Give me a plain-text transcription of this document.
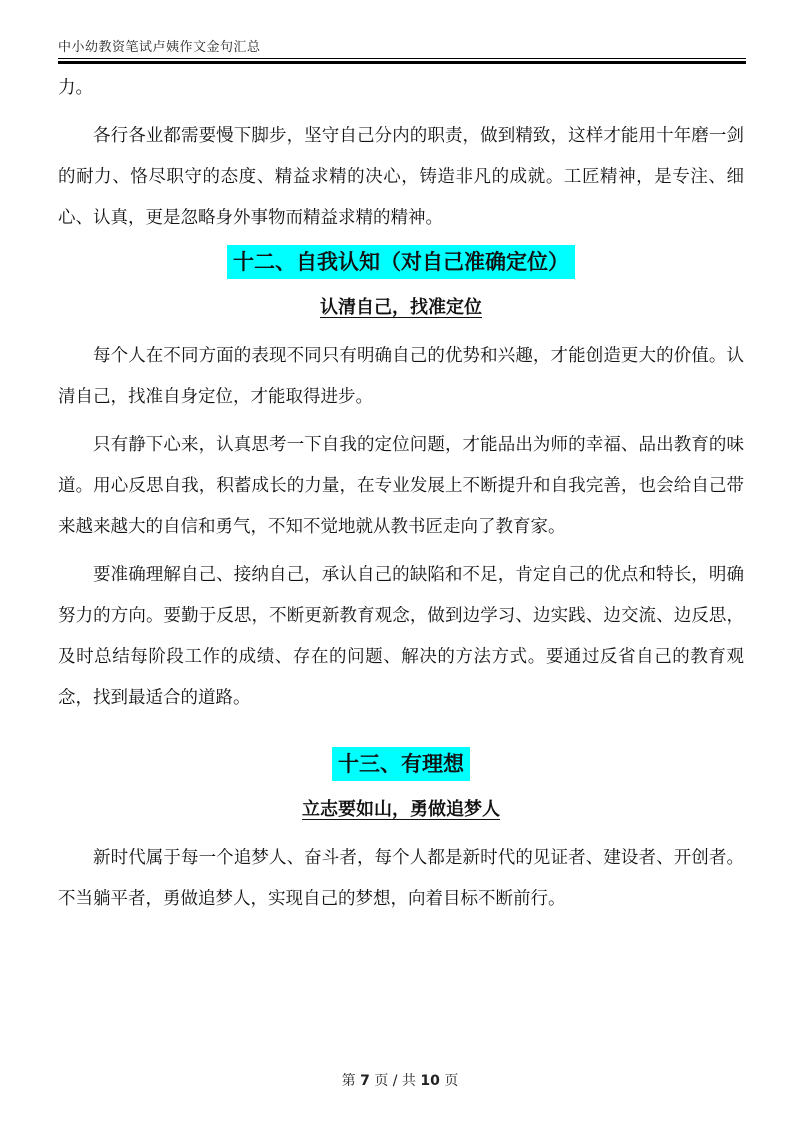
中小幼教资笔试卢姨作文金句汇总

力。

各行各业都需要慢下脚步，坚守自己分内的职责，做到精致，这样才能用十年磨一剑的耐力、恪尽职守的态度、精益求精的决心，铸造非凡的成就。工匠精神，是专注、细心、认真，更是忽略身外事物而精益求精的精神。

十二、自我认知（对自己准确定位）
认清自己，找准定位

每个人在不同方面的表现不同只有明确自己的优势和兴趣，才能创造更大的价值。认清自己，找准自身定位，才能取得进步。

只有静下心来，认真思考一下自我的定位问题，才能品出为师的幸福、品出教育的味道。用心反思自我，积蓄成长的力量，在专业发展上不断提升和自我完善，也会给自己带来越来越大的自信和勇气，不知不觉地就从教书匠走向了教育家。

要准确理解自己、接纳自己，承认自己的缺陷和不足，肯定自己的优点和特长，明确努力的方向。要勤于反思，不断更新教育观念，做到边学习、边实践、边交流、边反思，及时总结每阶段工作的成绩、存在的问题、解决的方法方式。要通过反省自己的教育观念，找到最适合的道路。

十三、有理想
立志要如山，勇做追梦人

新时代属于每一个追梦人、奋斗者，每个人都是新时代的见证者、建设者、开创者。不当躺平者，勇做追梦人，实现自己的梦想，向着目标不断前行。

第 7 页 / 共 10 页
